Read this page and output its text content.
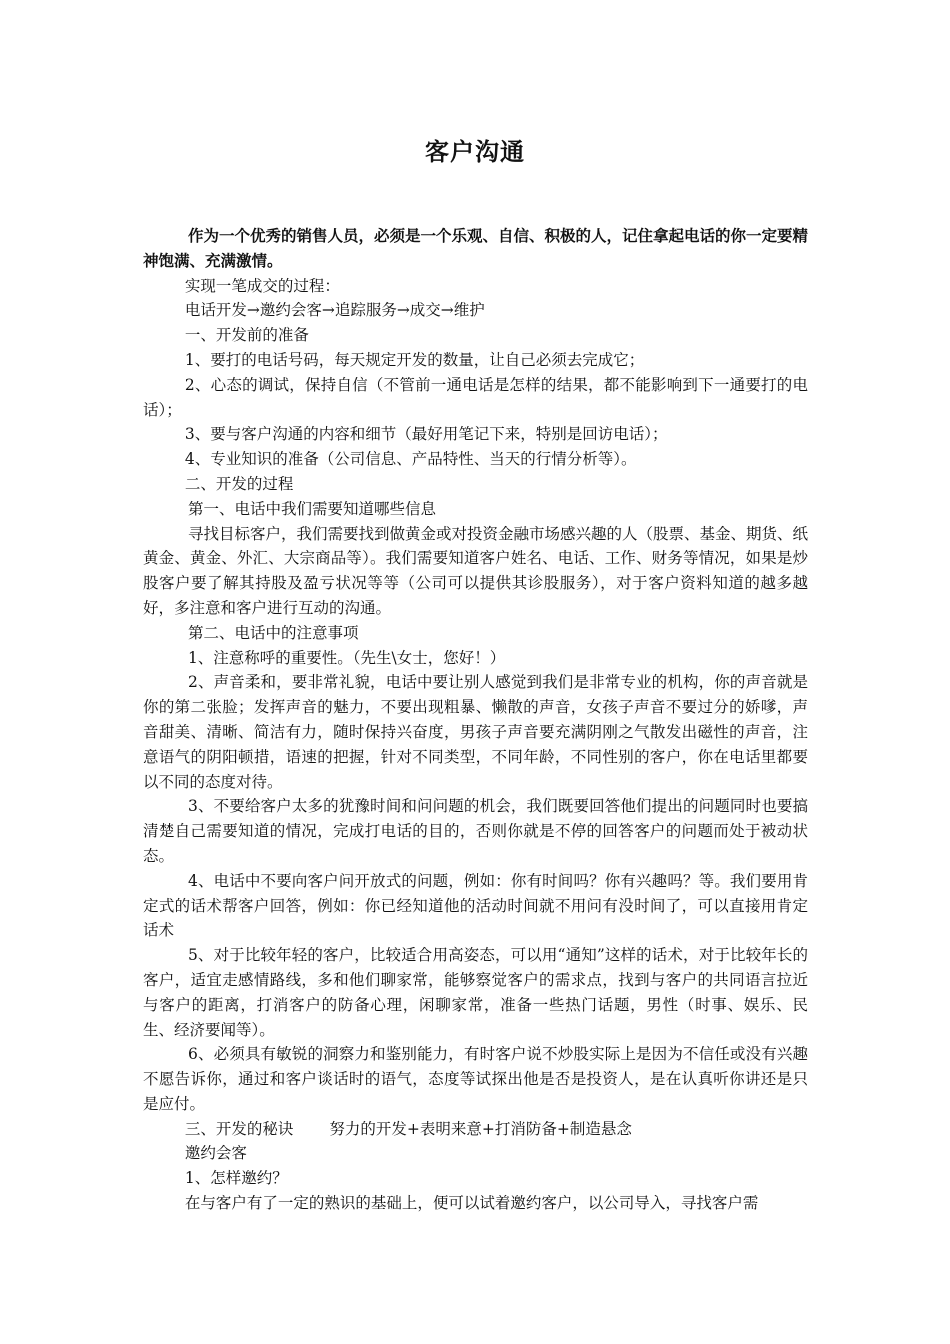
客户沟通

作为一个优秀的销售人员，必须是一个乐观、自信、积极的人，记住拿起电话的你一定要精神饱满、充满激情。

实现一笔成交的过程：

电话开发→邀约会客→追踪服务→成交→维护

一、开发前的准备

1、要打的电话号码，每天规定开发的数量，让自己必须去完成它；

2、心态的调试，保持自信（不管前一通电话是怎样的结果，都不能影响到下一通要打的电话）；

3、要与客户沟通的内容和细节（最好用笔记下来，特别是回访电话）；

4、专业知识的准备（公司信息、产品特性、当天的行情分析等）。

二、开发的过程

第一、电话中我们需要知道哪些信息

寻找目标客户，我们需要找到做黄金或对投资金融市场感兴趣的人（股票、基金、期货、纸黄金、黄金、外汇、大宗商品等）。我们需要知道客户姓名、电话、工作、财务等情况，如果是炒股客户要了解其持股及盈亏状况等等（公司可以提供其诊股服务），对于客户资料知道的越多越好，多注意和客户进行互动的沟通。

第二、电话中的注意事项

1、注意称呼的重要性。（先生\女士，您好！）

2、声音柔和，要非常礼貌，电话中要让别人感觉到我们是非常专业的机构，你的声音就是你的第二张脸；发挥声音的魅力，不要出现粗暴、懒散的声音，女孩子声音不要过分的娇嗲，声音甜美、清晰、简洁有力，随时保持兴奋度，男孩子声音要充满阴刚之气散发出磁性的声音，注意语气的阴阳顿措，语速的把握，针对不同类型，不同年龄，不同性别的客户，你在电话里都要以不同的态度对待。

3、不要给客户太多的犹豫时间和问问题的机会，我们既要回答他们提出的问题同时也要搞清楚自己需要知道的情况，完成打电话的目的，否则你就是不停的回答客户的问题而处于被动状态。

4、电话中不要向客户问开放式的问题，例如：你有时间吗？你有兴趣吗？等。我们要用肯定式的话术帮客户回答，例如：你已经知道他的活动时间就不用问有没时间了，可以直接用肯定话术

5、对于比较年轻的客户，比较适合用高姿态，可以用“通知”这样的话术，对于比较年长的客户，适宜走感情路线，多和他们聊家常，能够察觉客户的需求点，找到与客户的共同语言拉近与客户的距离，打消客户的防备心理，闲聊家常，准备一些热门话题，男性（时事、娱乐、民生、经济要闻等）。

6、必须具有敏锐的洞察力和鉴别能力，有时客户说不炒股实际上是因为不信任或没有兴趣不愿告诉你，通过和客户谈话时的语气，态度等试探出他是否是投资人，是在认真听你讲还是只是应付。

三、开发的秘诀 努力的开发+表明来意+打消防备+制造悬念

邀约会客

1、怎样邀约？

在与客户有了一定的熟识的基础上，便可以试着邀约客户，以公司导入，寻找客户需
